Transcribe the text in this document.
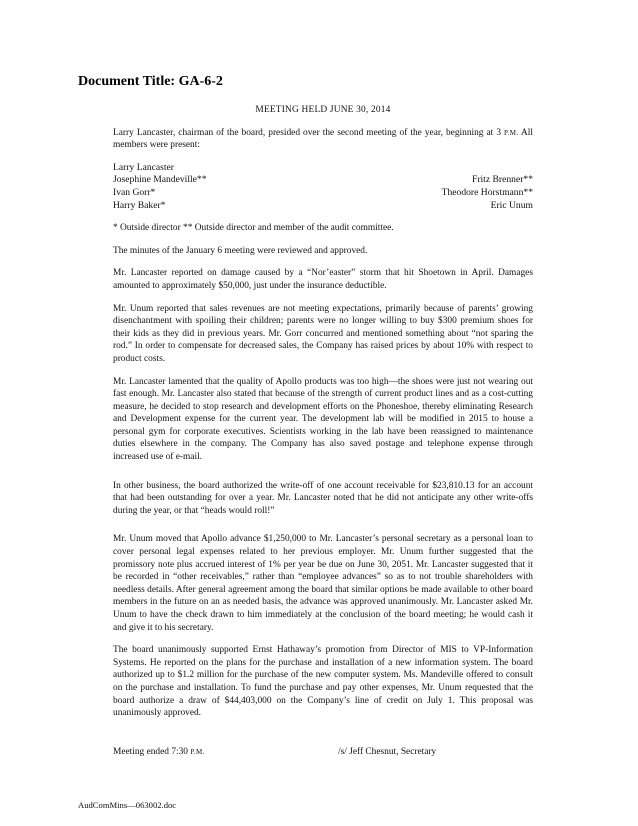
Document Title: GA-6-2
MEETING HELD JUNE 30, 2014

Larry Lancaster, chairman of the board, presided over the second meeting of the year, beginning at 3 P.M. All members were present:

Larry Lancaster
Josephine Mandeville**	Fritz Brenner**
Ivan Gorr*	Theodore Horstmann**
Harry Baker*	Eric Unum

* Outside director ** Outside director and member of the audit committee.

The minutes of the January 6 meeting were reviewed and approved.

Mr. Lancaster reported on damage caused by a “Nor’easter” storm that hit Shoetown in April. Damages amounted to approximately $50,000, just under the insurance deductible.

Mr. Unum reported that sales revenues are not meeting expectations, primarily because of parents’ growing disenchantment with spoiling their children; parents were no longer willing to buy $300 premium shoes for their kids as they did in previous years. Mr. Gorr concurred and mentioned something about “not sparing the rod.” In order to compensate for decreased sales, the Company has raised prices by about 10% with respect to product costs.

Mr. Lancaster lamented that the quality of Apollo products was too high—the shoes were just not wearing out fast enough. Mr. Lancaster also stated that because of the strength of current product lines and as a cost-cutting measure, he decided to stop research and development efforts on the Phoneshoe, thereby eliminating Research and Development expense for the current year. The development lab will be modified in 2015 to house a personal gym for corporate executives. Scientists working in the lab have been reassigned to maintenance duties elsewhere in the company. The Company has also saved postage and telephone expense through increased use of e-mail.

In other business, the board authorized the write-off of one account receivable for $23,810.13 for an account that had been outstanding for over a year. Mr. Lancaster noted that he did not anticipate any other write-offs during the year, or that “heads would roll!”

Mr. Unum moved that Apollo advance $1,250,000 to Mr. Lancaster’s personal secretary as a personal loan to cover personal legal expenses related to her previous employer. Mr. Unum further suggested that the promissory note plus accrued interest of 1% per year be due on June 30, 2051. Mr. Lancaster suggested that it be recorded in “other receivables,” rather than “employee advances” so as to not trouble shareholders with needless details. After general agreement among the board that similar options be made available to other board members in the future on an as needed basis, the advance was approved unanimously. Mr. Lancaster asked Mr. Unum to have the check drawn to him immediately at the conclusion of the board meeting; he would cash it and give it to his secretary.

The board unanimously supported Ernst Hathaway’s promotion from Director of MIS to VP-Information Systems. He reported on the plans for the purchase and installation of a new information system. The board authorized up to $1.2 million for the purchase of the new computer system. Ms. Mandeville offered to consult on the purchase and installation. To fund the purchase and pay other expenses, Mr. Unum requested that the board authorize a draw of $44,403,000 on the Company’s line of credit on July 1. This proposal was unanimously approved.

Meeting ended 7:30 P.M.	/s/ Jeff Chesnut, Secretary
AudComMins—063002.doc
